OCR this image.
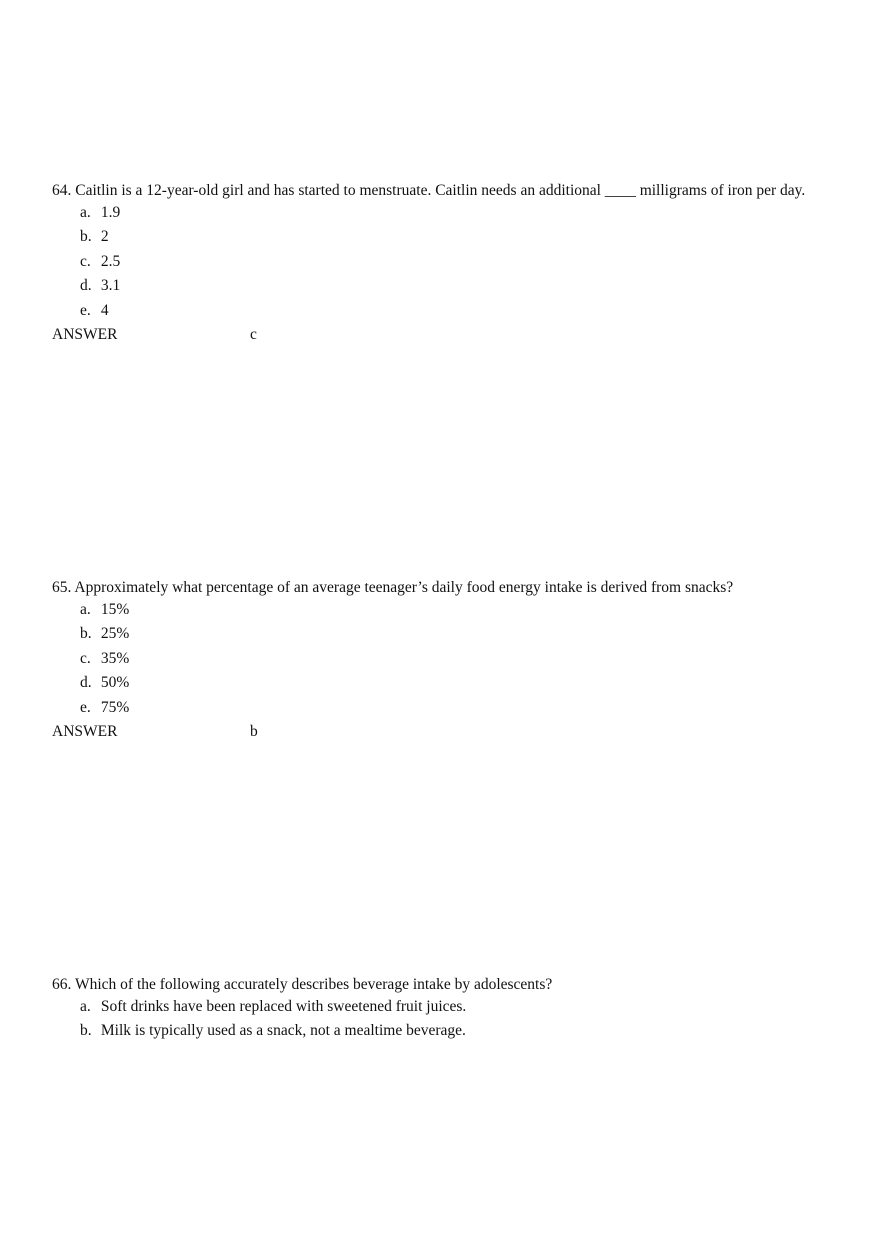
64. Caitlin is a 12-year-old girl and has started to menstruate. Caitlin needs an additional ____ milligrams of iron per day.

a. 1.9
b. 2
c. 2.5
d. 3.1
e. 4
ANSWER	c

65. Approximately what percentage of an average teenager’s daily food energy intake is derived from snacks?

a. 15%
b. 25%
c. 35%
d. 50%
e. 75%
ANSWER	b

66. Which of the following accurately describes beverage intake by adolescents?

a. Soft drinks have been replaced with sweetened fruit juices.
b. Milk is typically used as a snack, not a mealtime beverage.
